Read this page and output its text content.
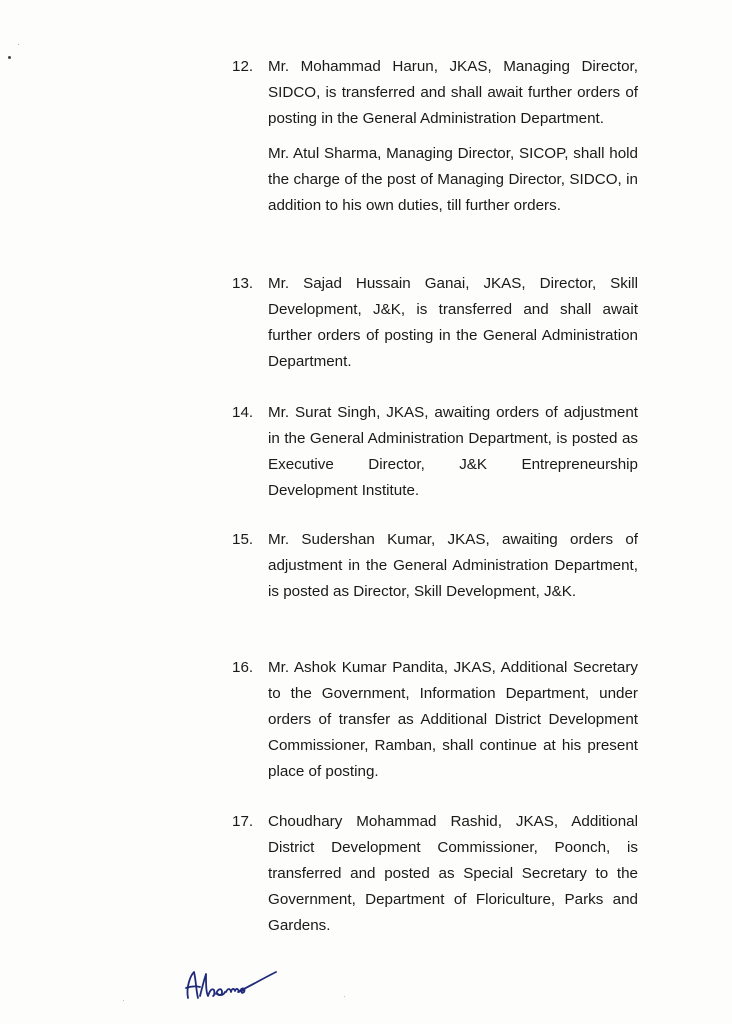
12. Mr. Mohammad Harun, JKAS, Managing Director, SIDCO, is transferred and shall await further orders of posting in the General Administration Department.

Mr. Atul Sharma, Managing Director, SICOP, shall hold the charge of the post of Managing Director, SIDCO, in addition to his own duties, till further orders.

13. Mr. Sajad Hussain Ganai, JKAS, Director, Skill Development, J&K, is transferred and shall await further orders of posting in the General Administration Department.

14. Mr. Surat Singh, JKAS, awaiting orders of adjustment in the General Administration Department, is posted as Executive Director, J&K Entrepreneurship Development Institute.

15. Mr. Sudershan Kumar, JKAS, awaiting orders of adjustment in the General Administration Department, is posted as Director, Skill Development, J&K.

16. Mr. Ashok Kumar Pandita, JKAS, Additional Secretary to the Government, Information Department, under orders of transfer as Additional District Development Commissioner, Ramban, shall continue at his present place of posting.

17. Choudhary Mohammad Rashid, JKAS, Additional District Development Commissioner, Poonch, is transferred and posted as Special Secretary to the Government, Department of Floriculture, Parks and Gardens.
